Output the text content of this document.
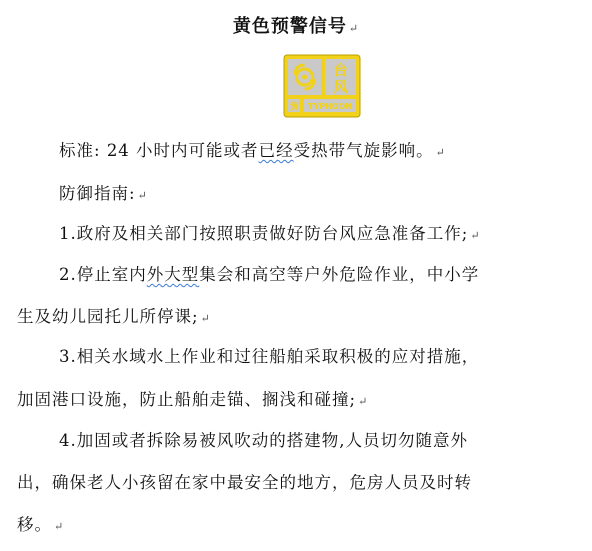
黄色预警信号 ↵
台
风
黄 TYPHOON
标准: 24 小时内可能或者已经受热带气旋影响。 ↵
防御指南: ↵
1.政府及相关部门按照职责做好防台风应急准备工作; ↵
2.停止室内外大型集会和高空等户外危险作业，中小学
生及幼儿园托儿所停课; ↵
3.相关水域水上作业和过往船舶采取积极的应对措施，
加固港口设施，防止船舶走锚、搁浅和碰撞; ↵
4.加固或者拆除易被风吹动的搭建物,人员切勿随意外
出，确保老人小孩留在家中最安全的地方，危房人员及时转
移。 ↵
